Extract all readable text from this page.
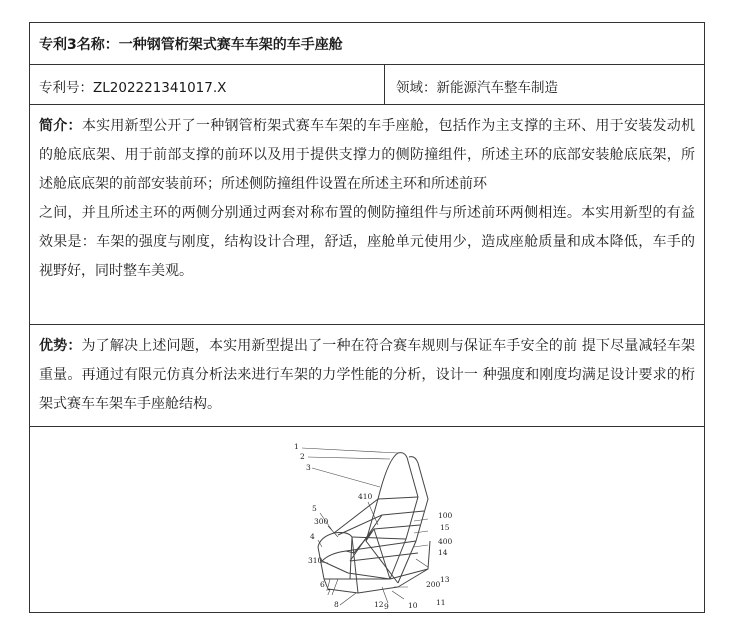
专利3名称：一种钢管桁架式赛车车架的车手座舱
专利号：ZL202221341017.X	领域：新能源汽车整车制造
简介：本实用新型公开了一种钢管桁架式赛车车架的车手座舱，包括作为主支撑的主环、用于安装发动机的舱底底架、用于前部支撑的前环以及用于提供支撑力的侧防撞组件，所述主环的底部安装舱底底架，所述舱底底架的前部安装前环；所述侧防撞组件设置在所述主环和所述前环
之间，并且所述主环的两侧分别通过两套对称布置的侧防撞组件与所述前环两侧相连。本实用新型的有益效果是：车架的强度与刚度，结构设计合理，舒适，座舱单元使用少，造成座舱质量和成本降低，车手的视野好，同时整车美观。
优势：为了解决上述问题，本实用新型提出了一种在符合赛车规则与保证车手安全的前 提下尽量减轻车架重量。再通过有限元仿真分析法来进行车架的力学性能的分析，设计一 种强度和刚度均满足设计要求的桁架式赛车车架车手座舱结构。
1
2
3
410
5
300
4
310
6
7
8	12 9	10 11
13
200
14
400
15
100
